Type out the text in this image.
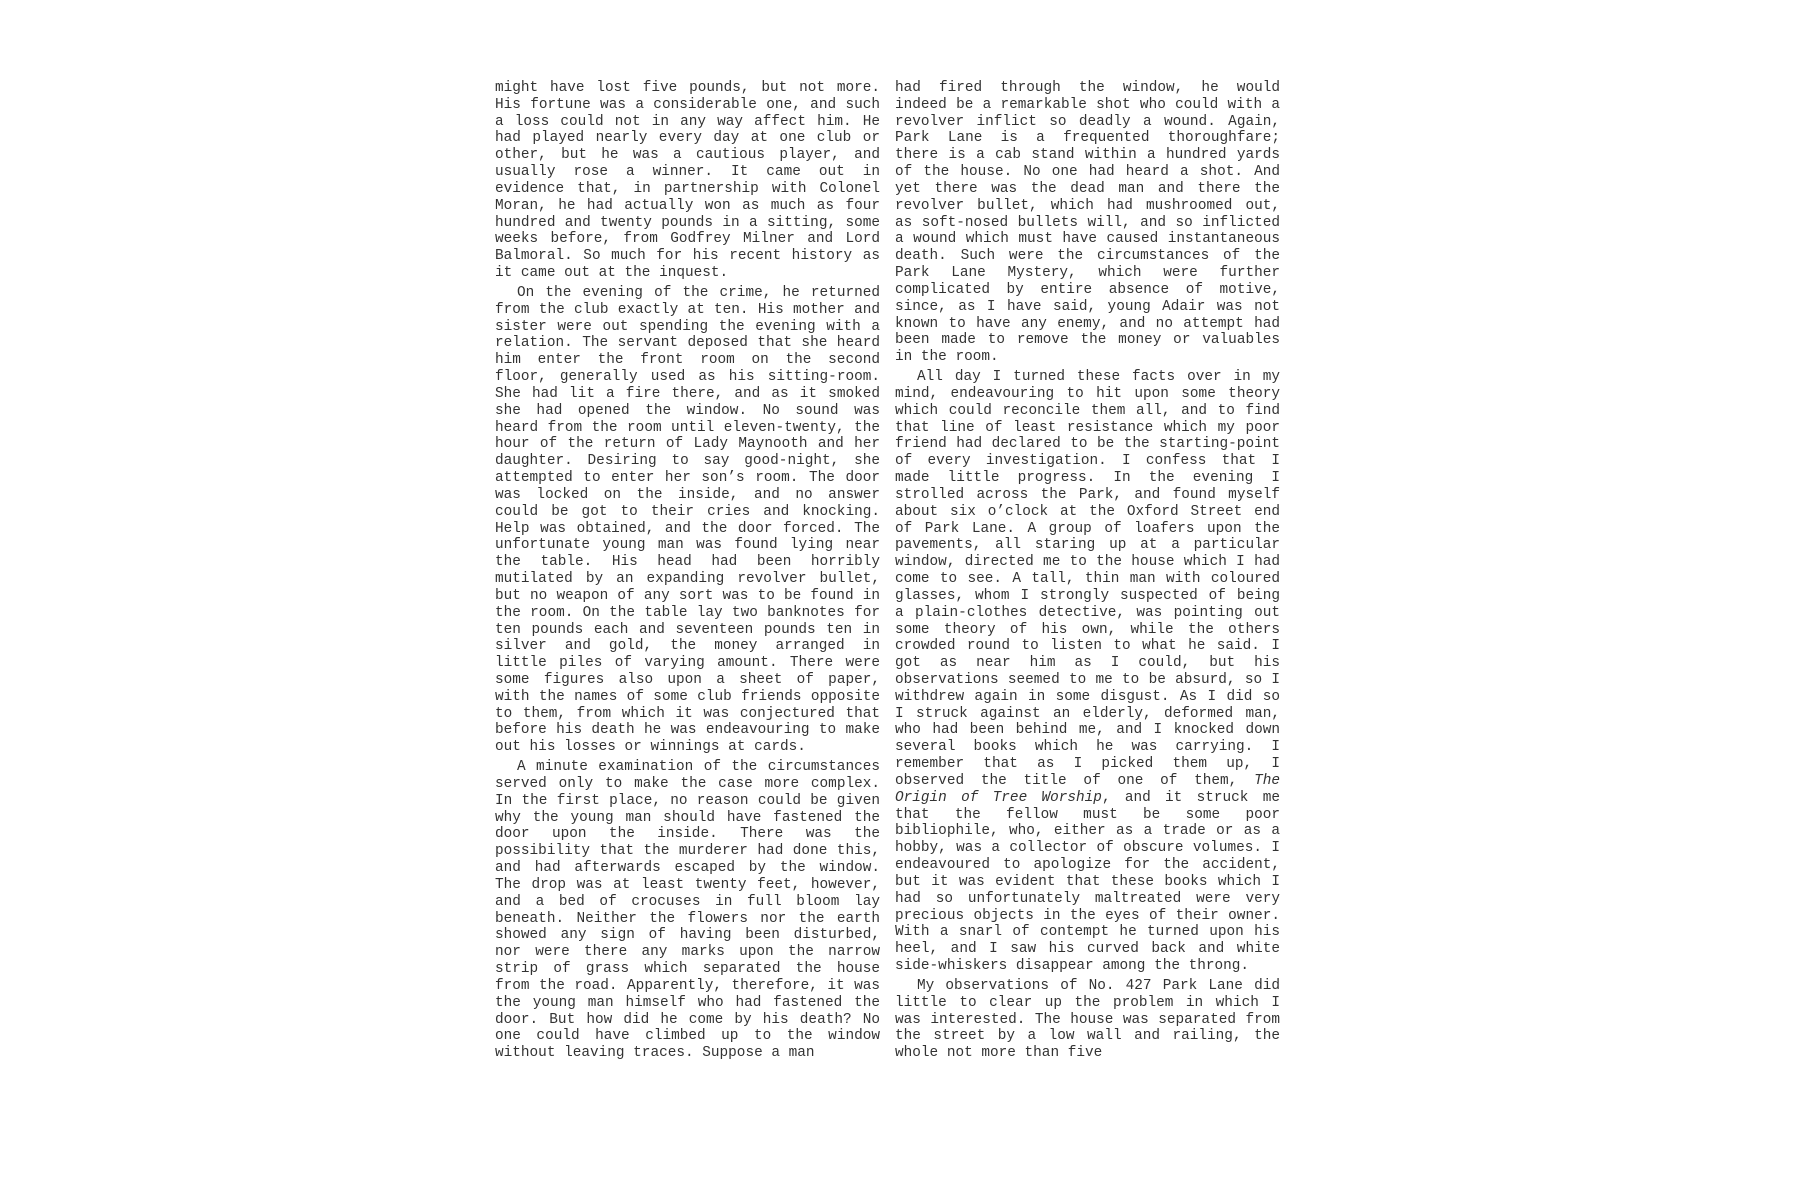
might have lost five pounds, but not more. His fortune was a considerable one, and such a loss could not in any way affect him. He had played nearly every day at one club or other, but he was a cautious player, and usually rose a winner. It came out in evidence that, in partnership with Colonel Moran, he had actually won as much as four hundred and twenty pounds in a sitting, some weeks before, from Godfrey Milner and Lord Balmoral. So much for his recent history as it came out at the inquest.

On the evening of the crime, he returned from the club exactly at ten. His mother and sister were out spending the evening with a relation. The servant deposed that she heard him enter the front room on the second floor, generally used as his sitting-room. She had lit a fire there, and as it smoked she had opened the window. No sound was heard from the room until eleven-twenty, the hour of the return of Lady Maynooth and her daughter. Desiring to say good-night, she attempted to enter her son’s room. The door was locked on the inside, and no answer could be got to their cries and knocking. Help was obtained, and the door forced. The unfortunate young man was found lying near the table. His head had been horribly mutilated by an expanding revolver bullet, but no weapon of any sort was to be found in the room. On the table lay two banknotes for ten pounds each and seventeen pounds ten in silver and gold, the money arranged in little piles of varying amount. There were some figures also upon a sheet of paper, with the names of some club friends opposite to them, from which it was conjectured that before his death he was endeavouring to make out his losses or winnings at cards.

A minute examination of the circumstances served only to make the case more complex. In the first place, no reason could be given why the young man should have fastened the door upon the inside. There was the possibility that the murderer had done this, and had afterwards escaped by the window. The drop was at least twenty feet, however, and a bed of crocuses in full bloom lay beneath. Neither the flowers nor the earth showed any sign of having been disturbed, nor were there any marks upon the narrow strip of grass which separated the house from the road. Apparently, therefore, it was the young man himself who had fastened the door. But how did he come by his death? No one could have climbed up to the window without leaving traces. Suppose a man

had fired through the window, he would indeed be a remarkable shot who could with a revolver inflict so deadly a wound. Again, Park Lane is a frequented thoroughfare; there is a cab stand within a hundred yards of the house. No one had heard a shot. And yet there was the dead man and there the revolver bullet, which had mushroomed out, as soft-nosed bullets will, and so inflicted a wound which must have caused instantaneous death. Such were the circumstances of the Park Lane Mystery, which were further complicated by entire absence of motive, since, as I have said, young Adair was not known to have any enemy, and no attempt had been made to remove the money or valuables in the room.

All day I turned these facts over in my mind, endeavouring to hit upon some theory which could reconcile them all, and to find that line of least resistance which my poor friend had declared to be the starting-point of every investigation. I confess that I made little progress. In the evening I strolled across the Park, and found myself about six o’clock at the Oxford Street end of Park Lane. A group of loafers upon the pavements, all staring up at a particular window, directed me to the house which I had come to see. A tall, thin man with coloured glasses, whom I strongly suspected of being a plain-clothes detective, was pointing out some theory of his own, while the others crowded round to listen to what he said. I got as near him as I could, but his observations seemed to me to be absurd, so I withdrew again in some disgust. As I did so I struck against an elderly, deformed man, who had been behind me, and I knocked down several books which he was carrying. I remember that as I picked them up, I observed the title of one of them, The Origin of Tree Worship, and it struck me that the fellow must be some poor bibliophile, who, either as a trade or as a hobby, was a collector of obscure volumes. I endeavoured to apologize for the accident, but it was evident that these books which I had so unfortunately maltreated were very precious objects in the eyes of their owner. With a snarl of contempt he turned upon his heel, and I saw his curved back and white side-whiskers disappear among the throng.

My observations of No. 427 Park Lane did little to clear up the problem in which I was interested. The house was separated from the street by a low wall and railing, the whole not more than five
